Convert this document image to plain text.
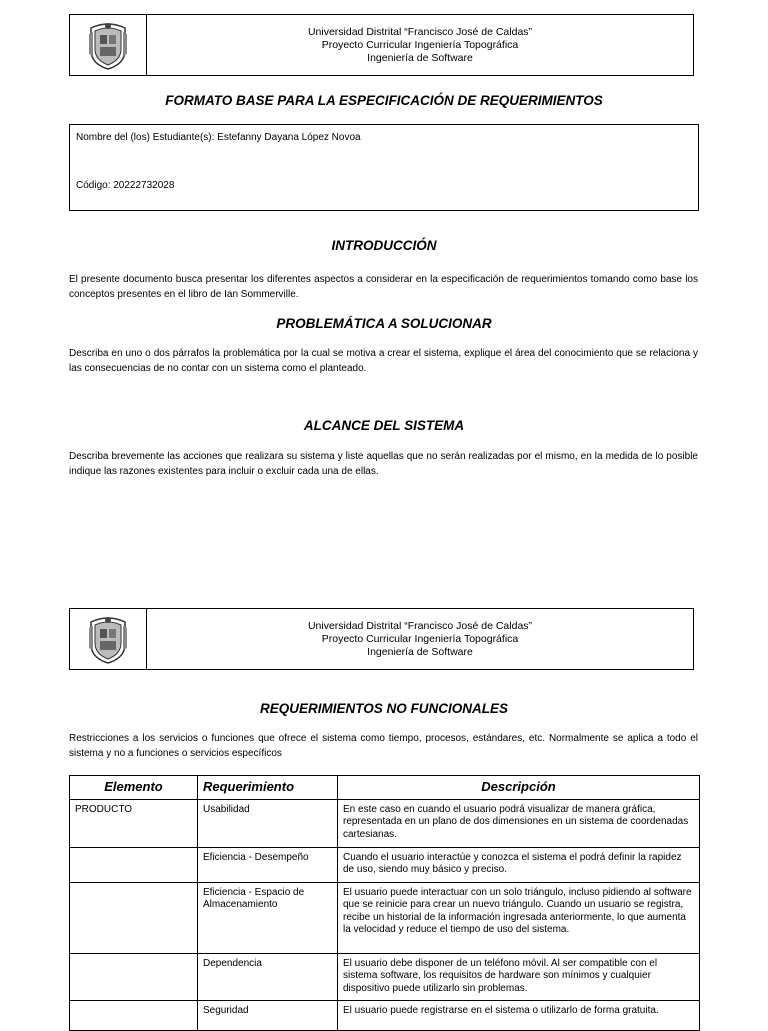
Universidad Distrital “Francisco José de Caldas”
Proyecto Curricular Ingeniería Topográfica
Ingeniería de Software
FORMATO BASE PARA LA ESPECIFICACIÓN DE REQUERIMIENTOS
Nombre del (los) Estudiante(s): Estefanny Dayana López Novoa
Código: 20222732028
INTRODUCCIÓN
El presente documento busca presentar los diferentes aspectos a considerar en la especificación de requerimientos tomando como base los conceptos presentes en el libro de Ian Sommerville.
PROBLEMÁTICA A SOLUCIONAR
Describa en uno o dos párrafos la problemática por la cual se motiva a crear el sistema, explique el área del conocimiento que se relaciona y las consecuencias de no contar con un sistema como el planteado.
ALCANCE DEL SISTEMA
Describa brevemente las acciones que realizara su sistema y liste aquellas que no serán realizadas por el mismo, en la medida de lo posible indique las razones existentes para incluir o excluir cada una de ellas.
Universidad Distrital “Francisco José de Caldas”
Proyecto Curricular Ingeniería Topográfica
Ingeniería de Software
REQUERIMIENTOS NO FUNCIONALES
Restricciones a los servicios o funciones que ofrece el sistema como tiempo, procesos, estándares, etc. Normalmente se aplica a todo el sistema y no a funciones o servicios específicos
Elemento	Requerimiento	Descripción
PRODUCTO	Usabilidad	En este caso en cuando el usuario podrá visualizar de manera gráfica, representada en un plano de dos dimensiones en un sistema de coordenadas cartesianas.
	Eficiencia - Desempeño	Cuando el usuario interactúe y conozca el sistema el podrá definir la rapidez de uso, siendo muy básico y preciso.
	Eficiencia - Espacio de Almacenamiento	El usuario puede interactuar con un solo triángulo, incluso pidiendo al software que se reinicie para crear un nuevo triángulo. Cuando un usuario se registra, recibe un historial de la información ingresada anteriormente, lo que aumenta la velocidad y reduce el tiempo de uso del sistema.
	Dependencia	El usuario debe disponer de un teléfono móvil. Al ser compatible con el sistema software, los requisitos de hardware son mínimos y cualquier dispositivo puede utilizarlo sin problemas.
	Seguridad	El usuario puede registrarse en el sistema o utilizarlo de forma gratuita.
